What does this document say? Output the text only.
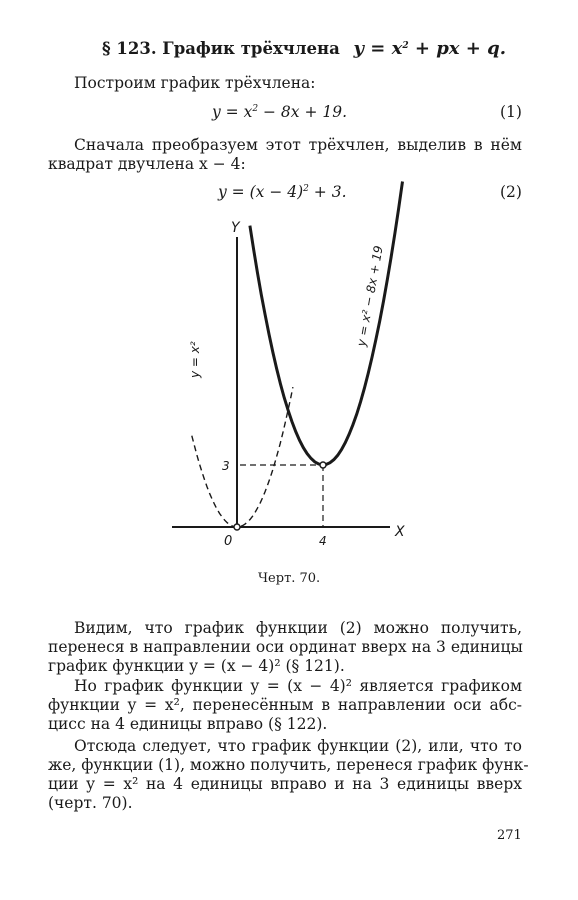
§ 123. График трёхчлена $y = x^2$ + px + q.
Построим график трёхчлена:
$y = x^2 - 8x + 19$.	(1)
Сначала преобразуем этот трёхчлен, выделив в нём
квадрат двучлена x − 4:
$y = (x - 4)^2 + 3$.	(2)
Y
X
0	4
3
y = x²
y = x² − 8x + 19
Черт. 70.
Видим, что график функции (2) можно получить,
перенеся в направлении оси ординат вверх на 3 единицы
график функции y = (x − 4)² (§ 121).
Но график функции y = (x − 4)² является графиком
функции y = x², перенесённым в направлении оси абс-
цисс на 4 единицы вправо (§ 122).
Отсюда следует, что график функции (2), или, что то
же, функции (1), можно получить, перенеся график функ-
ции y = x² на 4 единицы вправо и на 3 единицы вверх
(черт. 70).
271
